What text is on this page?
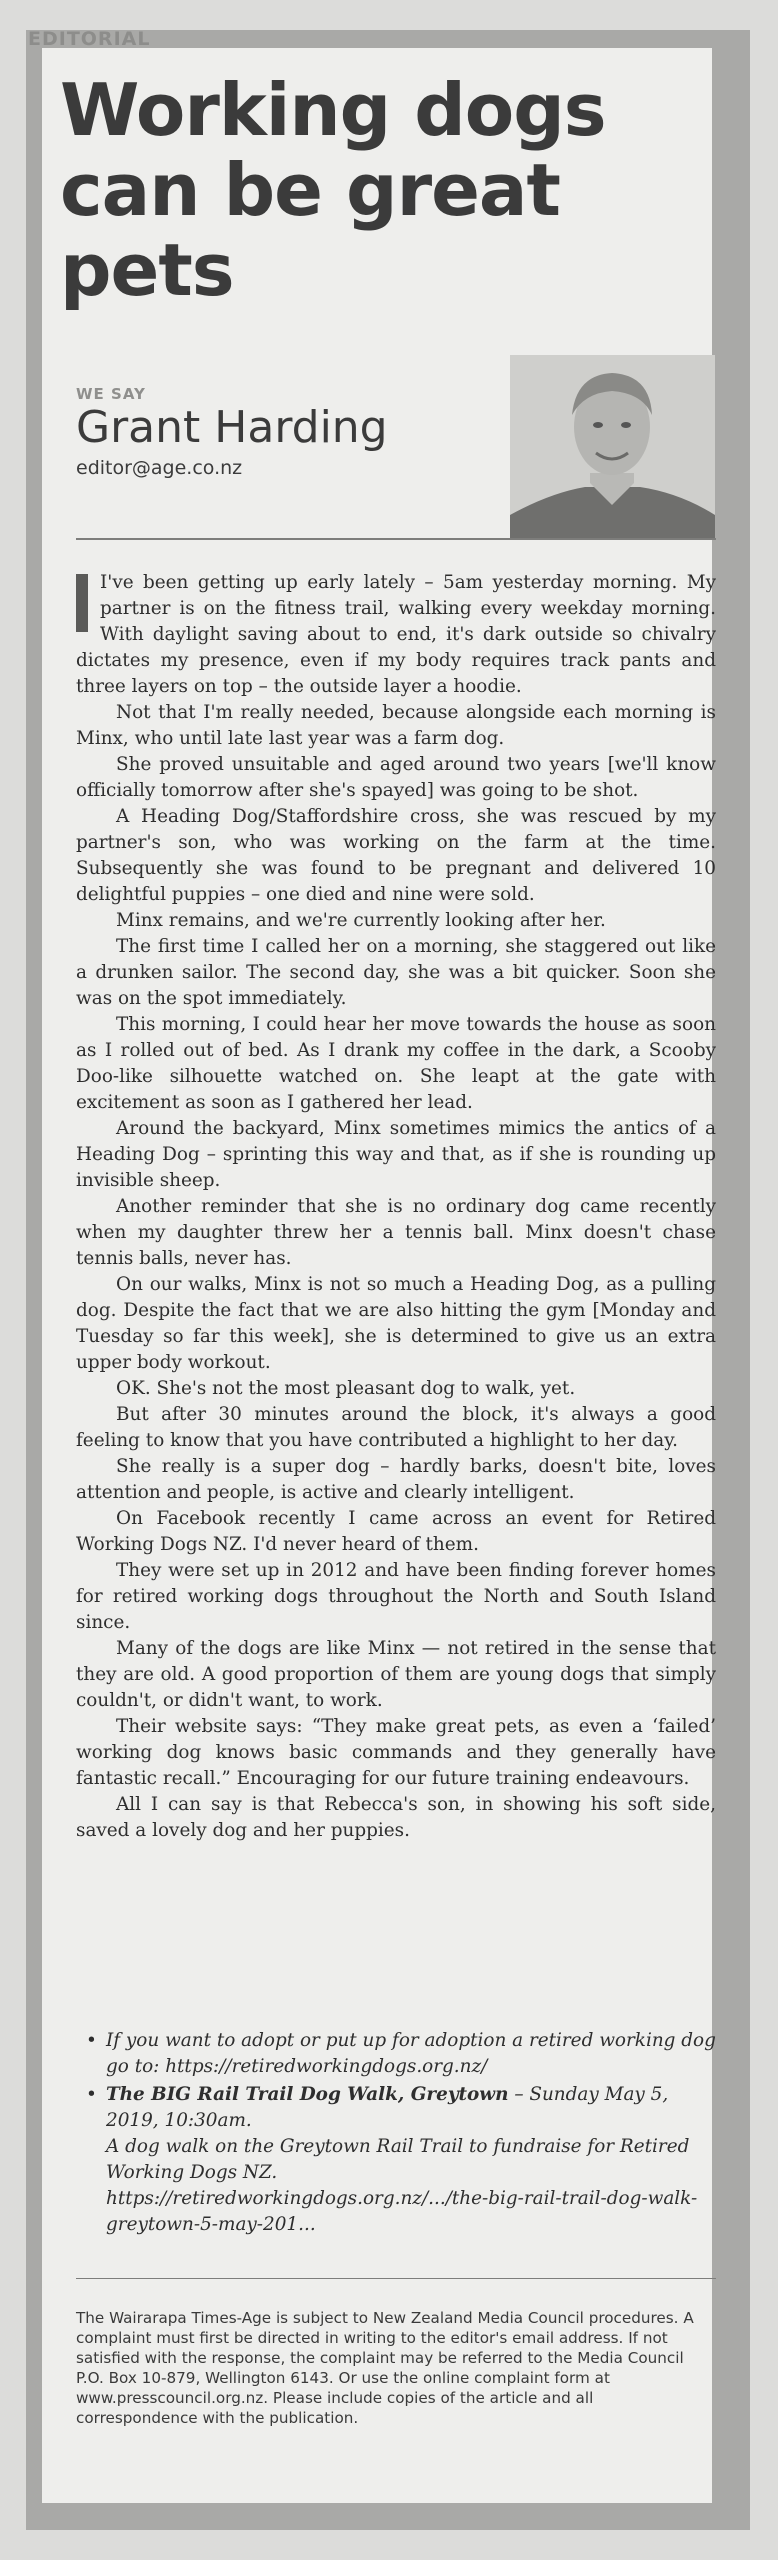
EDITORIAL
Working dogs can be great pets
WE SAY
Grant Harding
editor@age.co.nz

I've been getting up early lately – 5am yesterday morning. My partner is on the fitness trail, walking every weekday morning. With daylight saving about to end, it's dark outside so chivalry dictates my presence, even if my body requires track pants and three layers on top – the outside layer a hoodie.

Not that I'm really needed, because alongside each morning is Minx, who until late last year was a farm dog.

She proved unsuitable and aged around two years [we'll know officially tomorrow after she's spayed] was going to be shot.

A Heading Dog/Staffordshire cross, she was rescued by my partner's son, who was working on the farm at the time. Subsequently she was found to be pregnant and delivered 10 delightful puppies – one died and nine were sold.

Minx remains, and we're currently looking after her.

The first time I called her on a morning, she staggered out like a drunken sailor. The second day, she was a bit quicker. Soon she was on the spot immediately.

This morning, I could hear her move towards the house as soon as I rolled out of bed. As I drank my coffee in the dark, a Scooby Doo-like silhouette watched on. She leapt at the gate with excitement as soon as I gathered her lead.

Around the backyard, Minx sometimes mimics the antics of a Heading Dog – sprinting this way and that, as if she is rounding up invisible sheep.

Another reminder that she is no ordinary dog came recently when my daughter threw her a tennis ball. Minx doesn't chase tennis balls, never has.

On our walks, Minx is not so much a Heading Dog, as a pulling dog. Despite the fact that we are also hitting the gym [Monday and Tuesday so far this week], she is determined to give us an extra upper body workout.

OK. She's not the most pleasant dog to walk, yet.

But after 30 minutes around the block, it's always a good feeling to know that you have contributed a highlight to her day.

She really is a super dog – hardly barks, doesn't bite, loves attention and people, is active and clearly intelligent.

On Facebook recently I came across an event for Retired Working Dogs NZ. I'd never heard of them.

They were set up in 2012 and have been finding forever homes for retired working dogs throughout the North and South Island since.

Many of the dogs are like Minx — not retired in the sense that they are old. A good proportion of them are young dogs that simply couldn't, or didn't want, to work.

Their website says: “They make great pets, as even a ‘failed’ working dog knows basic commands and they generally have fantastic recall.” Encouraging for our future training endeavours.

All I can say is that Rebecca's son, in showing his soft side, saved a lovely dog and her puppies.

• If you want to adopt or put up for adoption a retired working dog go to: https://retiredworkingdogs.org.nz/
• The BIG Rail Trail Dog Walk, Greytown – Sunday May 5, 2019, 10:30am.
A dog walk on the Greytown Rail Trail to fundraise for Retired Working Dogs NZ.
https://retiredworkingdogs.org.nz/.../the-big-rail-trail-dog-walk-greytown-5-may-201...
The Wairarapa Times-Age is subject to New Zealand Media Council procedures. A complaint must first be directed in writing to the editor's email address. If not satisfied with the response, the complaint may be referred to the Media Council P.O. Box 10-879, Wellington 6143. Or use the online complaint form at www.presscouncil.org.nz. Please include copies of the article and all correspondence with the publication.
